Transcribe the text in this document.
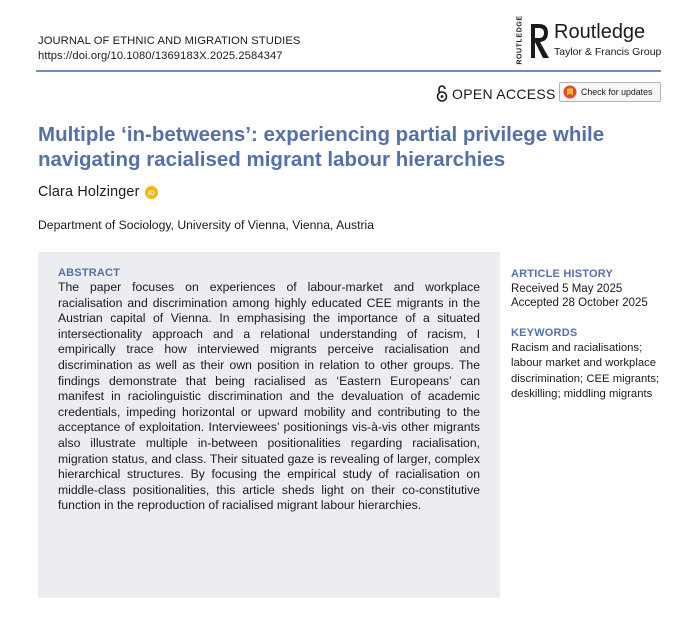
JOURNAL OF ETHNIC AND MIGRATION STUDIES
https://doi.org/10.1080/1369183X.2025.2584347	ROUTLEDGE Routledge
Taylor & Francis Group
OPEN ACCESS	Check for updates
Multiple ‘in-betweens’: experiencing partial privilege while navigating racialised migrant labour hierarchies
Clara Holzinger iD
Department of Sociology, University of Vienna, Vienna, Austria
ABSTRACT

The paper focuses on experiences of labour-market and workplace racialisation and discrimination among highly educated CEE migrants in the Austrian capital of Vienna. In emphasising the importance of a situated intersectionality approach and a relational understanding of racism, I empirically trace how interviewed migrants perceive racialisation and discrimination as well as their own position in relation to other groups. The findings demonstrate that being racialised as ‘Eastern Europeans’ can manifest in raciolinguistic discrimination and the devaluation of academic credentials, impeding horizontal or upward mobility and contributing to the acceptance of exploitation. Interviewees’ positionings vis-à-vis other migrants also illustrate multiple in-between positionalities regarding racialisation, migration status, and class. Their situated gaze is revealing of larger, complex hierarchical structures. By focusing the empirical study of racialisation on middle-class positionalities, this article sheds light on their co-constitutive function in the reproduction of racialised migrant labour hierarchies.

ARTICLE HISTORY
Received 5 May 2025
Accepted 28 October 2025
KEYWORDS
Racism and racialisations; labour market and workplace discrimination; CEE migrants; deskilling; middling migrants
